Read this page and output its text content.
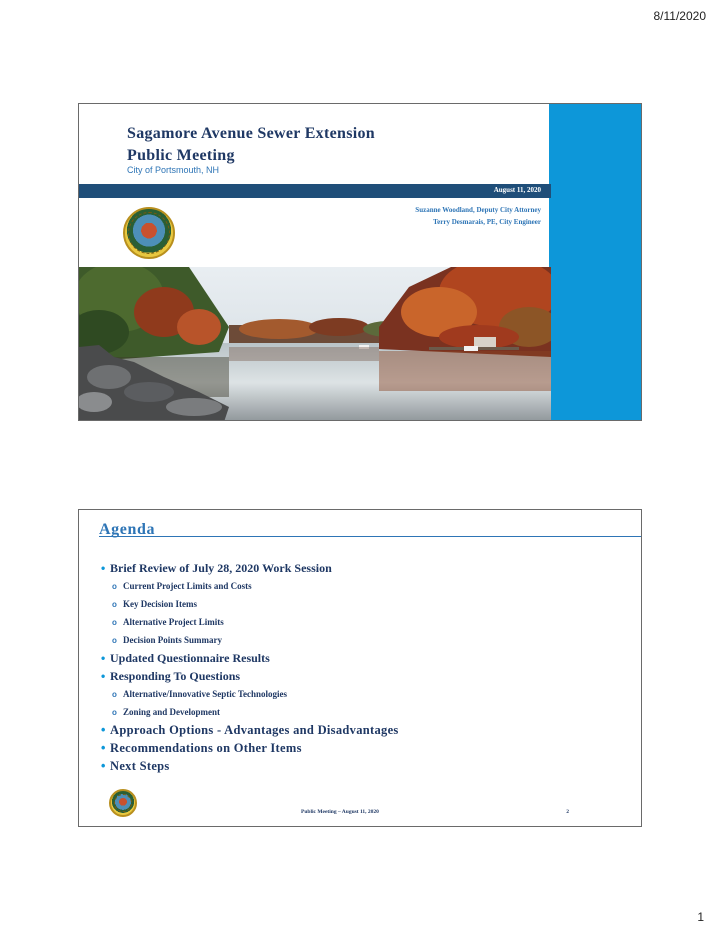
8/11/2020
Sagamore Avenue Sewer Extension
Public Meeting
City of Portsmouth, NH
August 11, 2020
Suzanne Woodland, Deputy City Attorney
Terry Desmarais, PE, City Engineer
Agenda
• Brief Review of July 28, 2020 Work Session
o Current Project Limits and Costs
o Key Decision Items
o Alternative Project Limits
o Decision Points Summary
• Updated Questionnaire Results
• Responding To Questions
o Alternative/Innovative Septic Technologies
o Zoning and Development
• Approach Options - Advantages and Disadvantages
• Recommendations on Other Items
• Next Steps
Public Meeting – August 11, 2020	2
1
